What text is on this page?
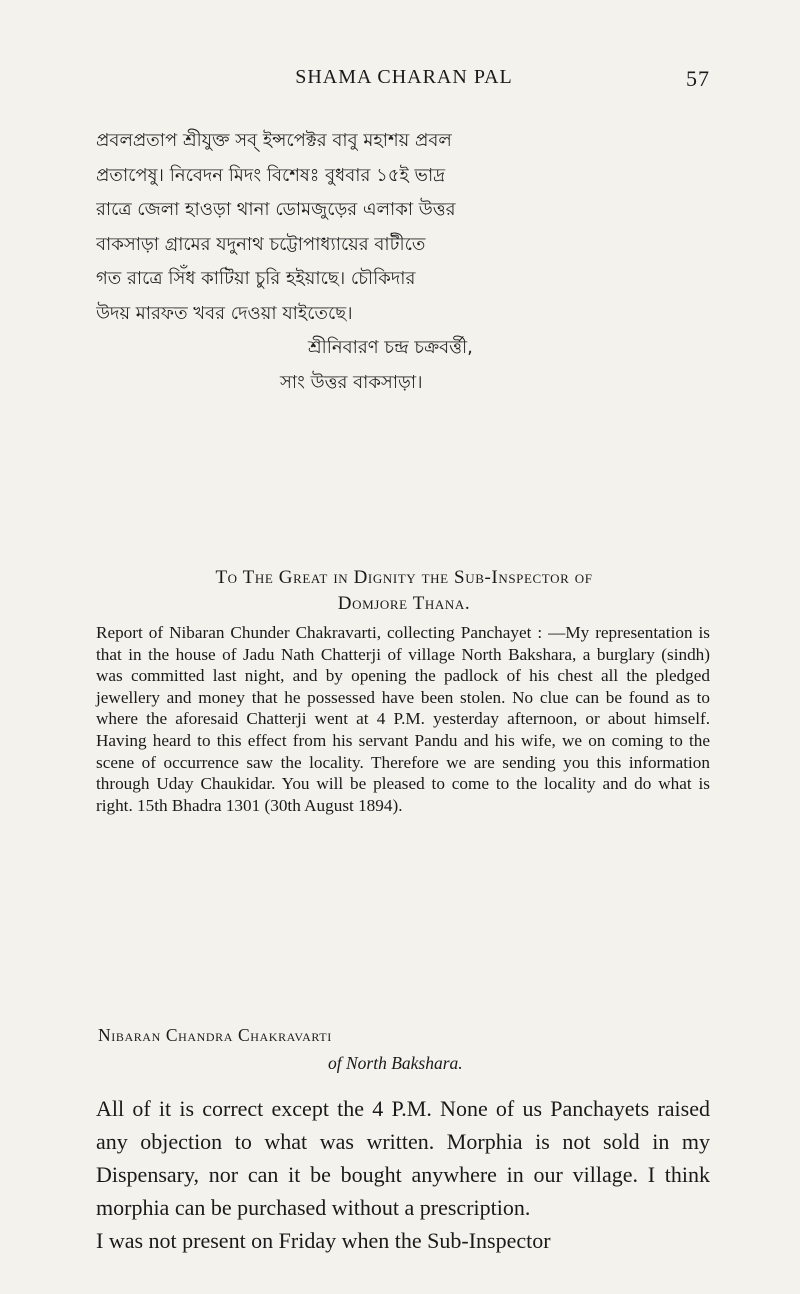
SHAMA CHARAN PAL	57
প্রবলপ্রতাপ শ্রীযুক্ত সব্‌ ইন্সপেক্টর বাবু মহাশয় প্রবল
প্রতাপেষু। নিবেদন মিদং বিশেষঃ বুধবার ১৫ই ভাদ্র
রাত্রে জেলা হাওড়া থানা ডোমজুড়ের এলাকা উত্তর
বাকসাড়া গ্রামের যদুনাথ চট্টোপাধ্যায়ের বাটীতে
গত রাত্রে সিঁধ কাটিয়া চুরি হইয়াছে। চৌকিদার
উদয় মারফত খবর দেওয়া যাইতেছে।
শ্রীনিবারণ চন্দ্র চক্রবর্ত্তী,
সাং উত্তর বাকসাড়া।
To The Great in Dignity the Sub-Inspector of
Domjore Thana.

Report of Nibaran Chunder Chakravarti, collecting Panchayet : —My representation is that in the house of Jadu Nath Chatterji of village North Bakshara, a burglary (sindh) was committed last night, and by opening the padlock of his chest all the pledged jewellery and money that he possessed have been stolen. No clue can be found as to where the aforesaid Chatterji went at 4 P.M. yesterday afternoon, or about himself. Having heard to this effect from his servant Pandu and his wife, we on coming to the scene of occurrence saw the locality. Therefore we are sending you this information through Uday Chaukidar. You will be pleased to come to the locality and do what is right. 15th Bhadra 1301 (30th August 1894).

Nibaran Chandra Chakravarti
of North Bakshara.

All of it is correct except the 4 P.M. None of us Panchayets raised any objection to what was written. Morphia is not sold in my Dispensary, nor can it be bought anywhere in our village. I think morphia can be purchased without a prescription.

I was not present on Friday when the Sub-Inspector
